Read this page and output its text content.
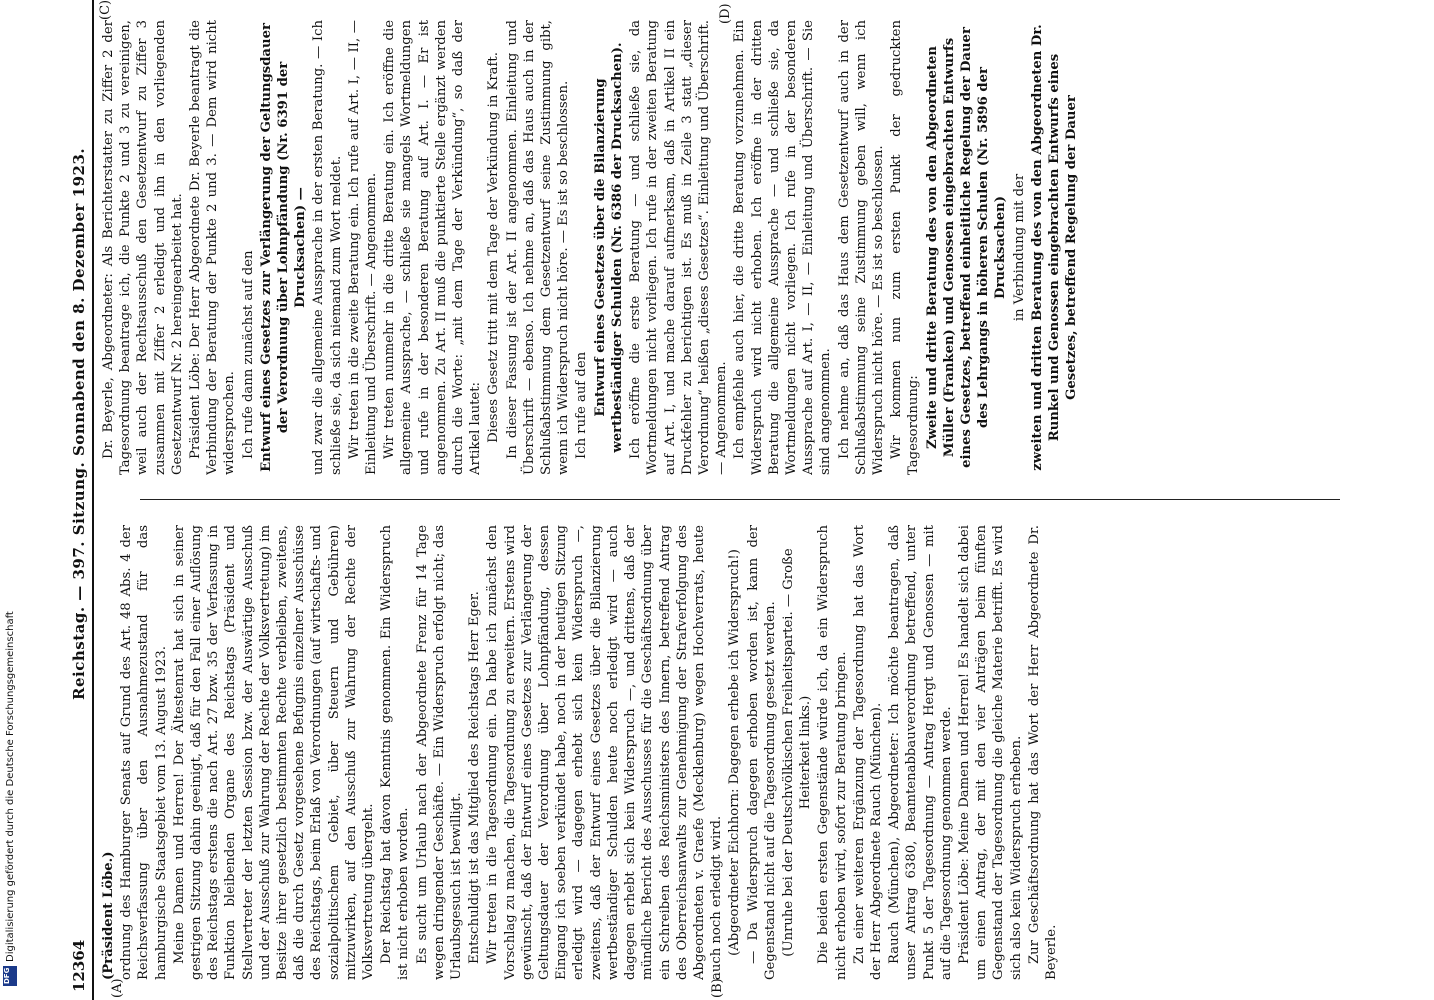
12364
Reichstag. — 397. Sitzung. Sonnabend den 8. Dezember 1923.
(A)	(B)
(C)	(D)

(Präsident Löbe.) ordnung des Hamburger Senats auf Grund des Art. 48 Abs. 4 der Reichsverfassung über den Ausnahmezustand für das hamburgische Staatsgebiet vom 13. August 1923. Meine Damen und Herren! Der Ältestenrat hat sich in seiner gestrigen Sitzung dahin geeinigt, daß für den Fall einer Auflösung des Reichstags erstens die nach Art. 27 bzw. 35 der Verfassung in Funktion bleibenden Organe des Reichstags (Präsident und Stellvertreter der letzten Session bzw. der Auswärtige Ausschuß und der Ausschuß zur Wahrung der Rechte der Volksvertretung) im Besitze ihrer gesetzlich bestimmten Rechte verbleiben, zweitens, daß die durch Gesetz vorgesehene Befugnis einzelner Ausschüsse des Reichstags, beim Erlaß von Verordnungen (auf wirtschafts- und sozialpolitischem Gebiet, über Steuern und Gebühren) mitzuwirken, auf den Ausschuß zur Wahrung der Rechte der Volksvertretung übergeht. Der Reichstag hat davon Kenntnis genommen. Ein Widerspruch ist nicht erhoben worden. Es sucht um Urlaub nach der Abgeordnete Frenz für 14 Tage wegen dringender Geschäfte. — Ein Widerspruch erfolgt nicht; das Urlaubsgesuch ist bewilligt. Entschuldigt ist das Mitglied des Reichstags Herr Eger. Wir treten in die Tagesordnung ein. Da habe ich zunächst den Vorschlag zu machen, die Tagesordnung zu erweitern. Erstens wird gewünscht, daß der Entwurf eines Gesetzes zur Verlängerung der Geltungsdauer der Verordnung über Lohnpfändung, dessen Eingang ich soeben verkündet habe, noch in der heutigen Sitzung erledigt wird — dagegen erhebt sich kein Widerspruch —, zweitens, daß der Entwurf eines Gesetzes über die Bilanzierung wertbeständiger Schulden heute noch erledigt wird — auch dagegen erhebt sich kein Widerspruch —, und drittens, daß der mündliche Bericht des Ausschusses für die Geschäftsordnung über ein Schreiben des Reichsministers des Innern, betreffend Antrag des Oberreichsanwalts zur Genehmigung der Strafverfolgung des Abgeordneten v. Graefe (Mecklenburg) wegen Hochverrats, heute auch noch erledigt wird. (Abgeordneter Eichhorn: Dagegen erhebe ich Widerspruch!) — Da Widerspruch dagegen erhoben worden ist, kann der Gegenstand nicht auf die Tagesordnung gesetzt werden. (Unruhe bei der Deutschvölkischen Freiheitspartei. — Große Heiterkeit links.) Die beiden ersten Gegenstände würde ich, da ein Widerspruch nicht erhoben wird, sofort zur Beratung bringen. Zu einer weiteren Ergänzung der Tagesordnung hat das Wort der Herr Abgeordnete Rauch (München). Rauch (München), Abgeordneter: Ich möchte beantragen, daß unser Antrag 6380, Beamtenabbauverordnung betreffend, unter Punkt 5 der Tagesordnung — Antrag Hergt und Genossen — mit auf die Tagesordnung genommen werde. Präsident Löbe: Meine Damen und Herren! Es handelt sich dabei um einen Antrag, der mit den vier Anträgen beim fünften Gegenstand der Tagesordnung die gleiche Materie betrifft. Es wird sich also kein Widerspruch erheben. Zur Geschäftsordnung hat das Wort der Herr Abgeordnete Dr. Beyerle.

Dr. Beyerle, Abgeordneter: Als Berichterstatter zu Ziffer 2 der Tagesordnung beantrage ich, die Punkte 2 und 3 zu vereinigen, weil auch der Rechtsausschuß den Gesetzentwurf zu Ziffer 3 zusammen mit Ziffer 2 erledigt und ihn in den vorliegenden Gesetzentwurf Nr. 2 hereingearbeitet hat. Präsident Löbe: Der Herr Abgeordnete Dr. Beyerle beantragt die Verbindung der Beratung der Punkte 2 und 3. — Dem wird nicht widersprochen. Ich rufe dann zunächst auf den Entwurf eines Gesetzes zur Verlängerung der Geltungsdauer der Verordnung über Lohnpfändung (Nr. 6391 der Drucksachen) — und zwar die allgemeine Aussprache in der ersten Beratung. — Ich schließe sie, da sich niemand zum Wort meldet. Wir treten in die zweite Beratung ein. Ich rufe auf Art. I, — II, — Einleitung und Überschrift. — Angenommen. Wir treten nunmehr in die dritte Beratung ein. Ich eröffne die allgemeine Aussprache, — schließe sie mangels Wortmeldungen und rufe in der besonderen Beratung auf Art. I. — Er ist angenommen. Zu Art. II muß die punktierte Stelle ergänzt werden durch die Worte: „mit dem Tage der Verkündung“, so daß der Artikel lautet: Dieses Gesetz tritt mit dem Tage der Verkündung in Kraft. In dieser Fassung ist der Art. II angenommen. Einleitung und Überschrift — ebenso. Ich nehme an, daß das Haus auch in der Schlußabstimmung dem Gesetzentwurf seine Zustimmung gibt, wenn ich Widerspruch nicht höre. — Es ist so beschlossen. Ich rufe auf den Entwurf eines Gesetzes über die Bilanzierung wertbeständiger Schulden (Nr. 6386 der Drucksachen). Ich eröffne die erste Beratung — und schließe sie, da Wortmeldungen nicht vorliegen. Ich rufe in der zweiten Beratung auf Art. I, und mache darauf aufmerksam, daß in Artikel II ein Druckfehler zu berichtigen ist. Es muß in Zeile 3 statt „dieser Verordnung“ heißen „dieses Gesetzes“. Einleitung und Überschrift. — Angenommen. Ich empfehle auch hier, die dritte Beratung vorzunehmen. Ein Widerspruch wird nicht erhoben. Ich eröffne in der dritten Beratung die allgemeine Aussprache — und schließe sie, da Wortmeldungen nicht vorliegen. Ich rufe in der besonderen Aussprache auf Art. I, — II, — Einleitung und Überschrift. — Sie sind angenommen. Ich nehme an, daß das Haus dem Gesetzentwurf auch in der Schlußabstimmung seine Zustimmung geben will, wenn ich Widerspruch nicht höre. — Es ist so beschlossen. Wir kommen nun zum ersten Punkt der gedruckten Tagesordnung: Zweite und dritte Beratung des von den Abgeordneten Müller (Franken) und Genossen eingebrachten Entwurfs eines Gesetzes, betreffend einheitliche Regelung der Dauer des Lehrgangs in höheren Schulen (Nr. 5896 der Drucksachen) in Verbindung mit der zweiten und dritten Beratung des von den Abgeordneten Dr. Runkel und Genossen eingebrachten Entwurfs eines Gesetzes, betreffend Regelung der Dauer

Digitalisierung gefördert durch die Deutsche Forschungsgemeinschaft
DFG
